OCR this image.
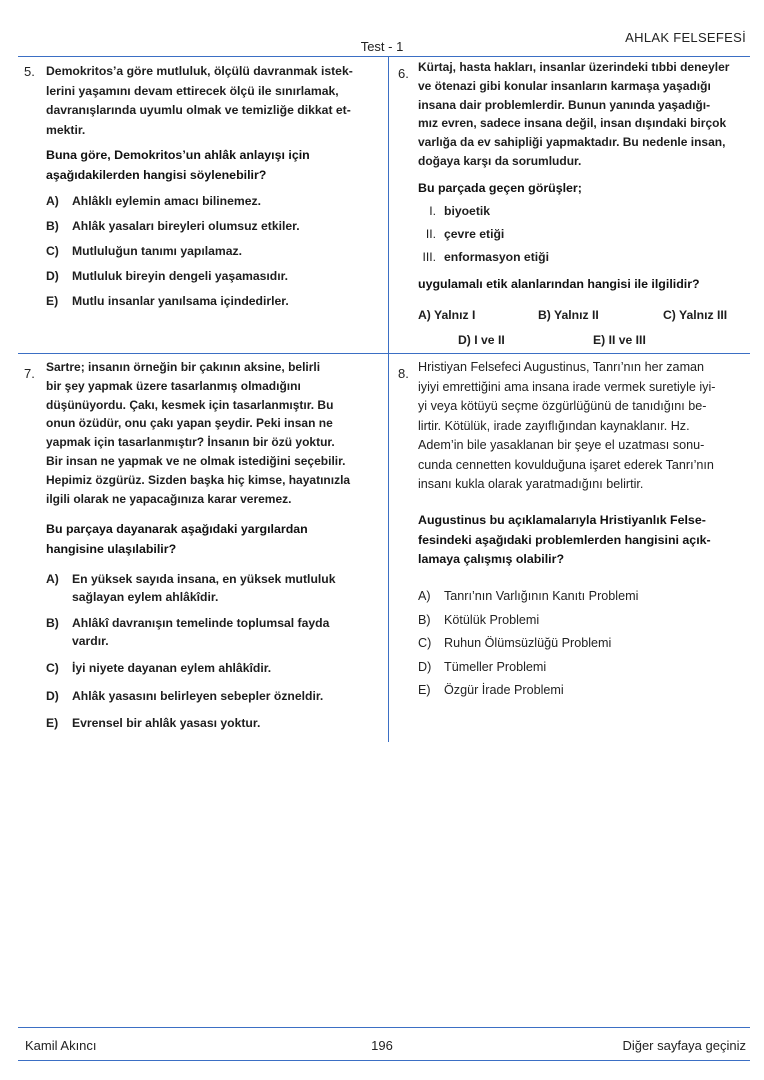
AHLAK FELSEFESİ
Test - 1
5. Demokritos’a göre mutluluk, ölçülü davranmak istek-
lerini yaşamını devam ettirecek ölçü ile sınırlamak,
davranışlarında uyumlu olmak ve temizliğe dikkat et-
mektir.
Buna göre, Demokritos’un ahlâk anlayışı için
aşağıdakilerden hangisi söylenebilir?
A)	Ahlâklı eylemin amacı bilinemez.
B)	Ahlâk yasaları bireyleri olumsuz etkiler.
C)	Mutluluğun tanımı yapılamaz.
D)	Mutluluk bireyin dengeli yaşamasıdır.
E)	Mutlu insanlar yanılsama içindedirler.
6. Kürtaj, hasta hakları, insanlar üzerindeki tıbbi deneyler
ve ötenazi gibi konular insanların karmaşa yaşadığı
insana dair problemlerdir. Bunun yanında yaşadığı-
mız evren, sadece insana değil, insan dışındaki birçok
varlığa da ev sahipliği yapmaktadır. Bu nedenle insan,
doğaya karşı da sorumludur.
Bu parçada geçen görüşler;
I. biyoetik
II. çevre etiği
III. enformasyon etiği
uygulamalı etik alanlarından hangisi ile ilgilidir?
A) Yalnız I	B) Yalnız II	C) Yalnız III
D) I ve II	E) II ve III
7. Sartre; insanın örneğin bir çakının aksine, belirli
bir şey yapmak üzere tasarlanmış olmadığını
düşünüyordu. Çakı, kesmek için tasarlanmıştır. Bu
onun özüdür, onu çakı yapan şeydir. Peki insan ne
yapmak için tasarlanmıştır? İnsanın bir özü yoktur.
Bir insan ne yapmak ve ne olmak istediğini seçebilir.
Hepimiz özgürüz. Sizden başka hiç kimse, hayatınızla
ilgili olarak ne yapacağınıza karar veremez.
Bu parçaya dayanarak aşağıdaki yargılardan
hangisine ulaşılabilir?
A)	En yüksek sayıda insana, en yüksek mutluluk
sağlayan eylem ahlâkîdir.
B)	Ahlâkî davranışın temelinde toplumsal fayda
vardır.
C)	İyi niyete dayanan eylem ahlâkîdir.
D)	Ahlâk yasasını belirleyen sebepler özneldir.
E)	Evrensel bir ahlâk yasası yoktur.
8. Hristiyan Felsefeci Augustinus, Tanrı’nın her zaman
iyiyi emrettiğini ama insana irade vermek suretiyle iyi-
yi veya kötüyü seçme özgürlüğünü de tanıdığını be-
lirtir. Kötülük, irade zayıflığından kaynaklanır. Hz.
Adem’in bile yasaklanan bir şeye el uzatması sonu-
cunda cennetten kovulduğuna işaret ederek Tanrı’nın
insanı kukla olarak yaratmadığını belirtir.
Augustinus bu açıklamalarıyla Hristiyanlık Felse-
fesindeki aşağıdaki problemlerden hangisini açık-
lamaya çalışmış olabilir?
A)	Tanrı’nın Varlığının Kanıtı Problemi
B)	Kötülük Problemi
C)	Ruhun Ölümsüzlüğü Problemi
D)	Tümeller Problemi
E)	Özgür İrade Problemi
Kamil Akıncı	196	Diğer sayfaya geçiniz
